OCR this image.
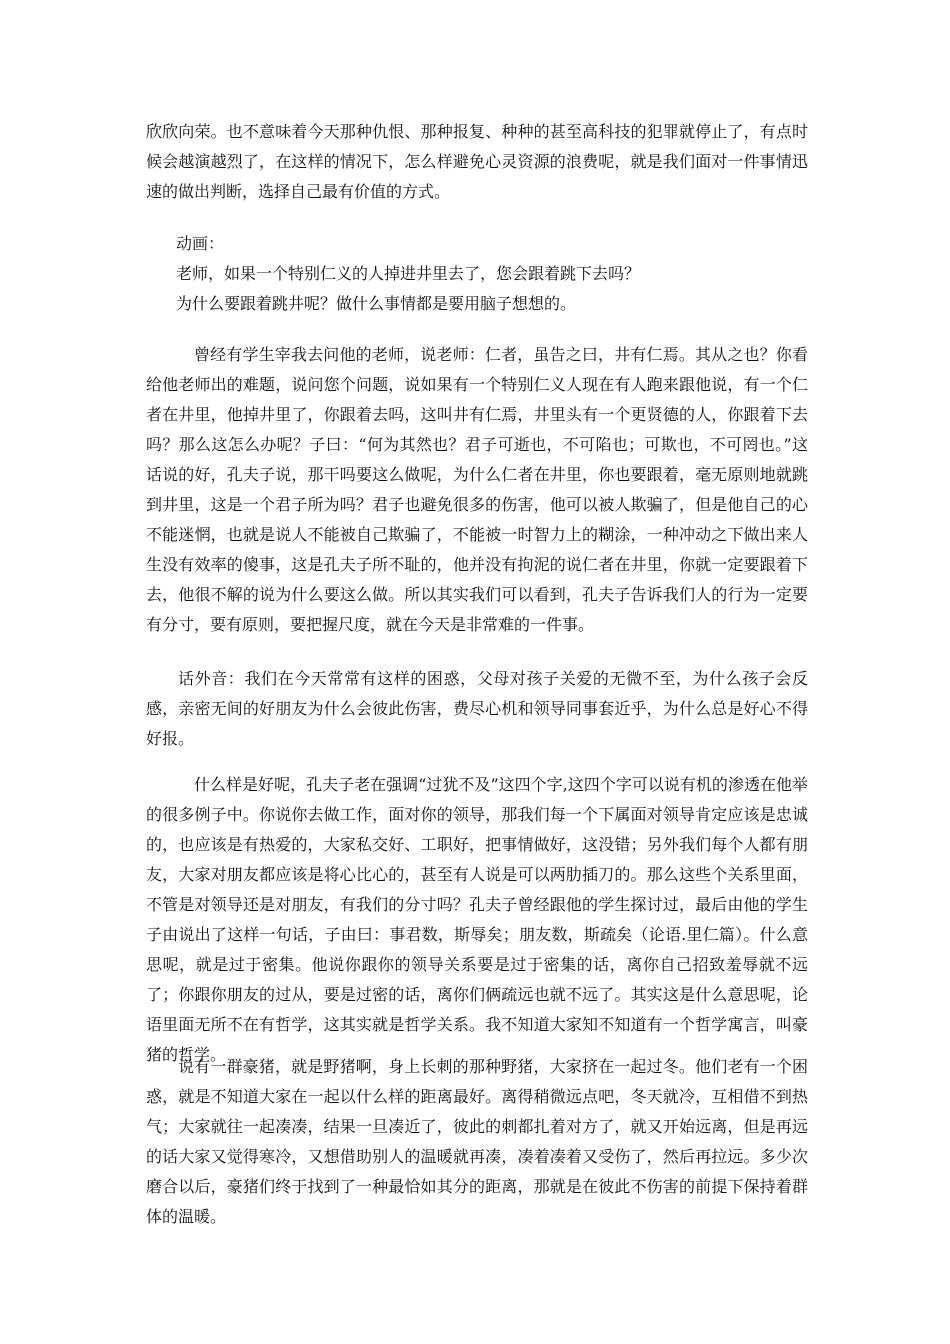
欣欣向荣。也不意味着今天那种仇恨、那种报复、种种的甚至高科技的犯罪就停止了，有点时候会越演越烈了，在这样的情况下，怎么样避免心灵资源的浪费呢，就是我们面对一件事情迅速的做出判断，选择自己最有价值的方式。

动画：

老师，如果一个特别仁义的人掉进井里去了，您会跟着跳下去吗？

为什么要跟着跳井呢？做什么事情都是要用脑子想想的。

曾经有学生宰我去问他的老师，说老师：仁者，虽告之曰，井有仁焉。其从之也？你看给他老师出的难题，说问您个问题，说如果有一个特别仁义人现在有人跑来跟他说，有一个仁者在井里，他掉井里了，你跟着去吗，这叫井有仁焉，井里头有一个更贤德的人，你跟着下去吗？那么这怎么办呢？子曰：“何为其然也？君子可逝也，不可陷也；可欺也，不可罔也。”这话说的好，孔夫子说，那干吗要这么做呢，为什么仁者在井里，你也要跟着，毫无原则地就跳到井里，这是一个君子所为吗？君子也避免很多的伤害，他可以被人欺骗了，但是他自己的心不能迷惘，也就是说人不能被自己欺骗了，不能被一时智力上的糊涂，一种冲动之下做出来人生没有效率的傻事，这是孔夫子所不耻的，他并没有拘泥的说仁者在井里，你就一定要跟着下去，他很不解的说为什么要这么做。所以其实我们可以看到，孔夫子告诉我们人的行为一定要有分寸，要有原则，要把握尺度，就在今天是非常难的一件事。

话外音：我们在今天常常有这样的困惑，父母对孩子关爱的无微不至，为什么孩子会反感，亲密无间的好朋友为什么会彼此伤害，费尽心机和领导同事套近乎，为什么总是好心不得好报。

什么样是好呢，孔夫子老在强调“过犹不及”这四个字,这四个字可以说有机的渗透在他举的很多例子中。你说你去做工作，面对你的领导，那我们每一个下属面对领导肯定应该是忠诚的，也应该是有热爱的，大家私交好、工职好，把事情做好，这没错；另外我们每个人都有朋友，大家对朋友都应该是将心比心的，甚至有人说是可以两肋插刀的。那么这些个关系里面，不管是对领导还是对朋友，有我们的分寸吗？孔夫子曾经跟他的学生探讨过，最后由他的学生子由说出了这样一句话，子由曰：事君数，斯辱矣；朋友数，斯疏矣（论语.里仁篇）。什么意思呢，就是过于密集。他说你跟你的领导关系要是过于密集的话，离你自己招致羞辱就不远了；你跟你朋友的过从，要是过密的话，离你们俩疏远也就不远了。其实这是什么意思呢，论语里面无所不在有哲学，这其实就是哲学关系。我不知道大家知不知道有一个哲学寓言，叫豪猪的哲学。

说有一群豪猪，就是野猪啊，身上长刺的那种野猪，大家挤在一起过冬。他们老有一个困惑，就是不知道大家在一起以什么样的距离最好。离得稍微远点吧，冬天就冷，互相借不到热气；大家就往一起凑凑，结果一旦凑近了，彼此的刺都扎着对方了，就又开始远离，但是再远的话大家又觉得寒冷，又想借助别人的温暖就再凑，凑着凑着又受伤了，然后再拉远。多少次磨合以后，豪猪们终于找到了一种最恰如其分的距离，那就是在彼此不伤害的前提下保持着群体的温暖。
